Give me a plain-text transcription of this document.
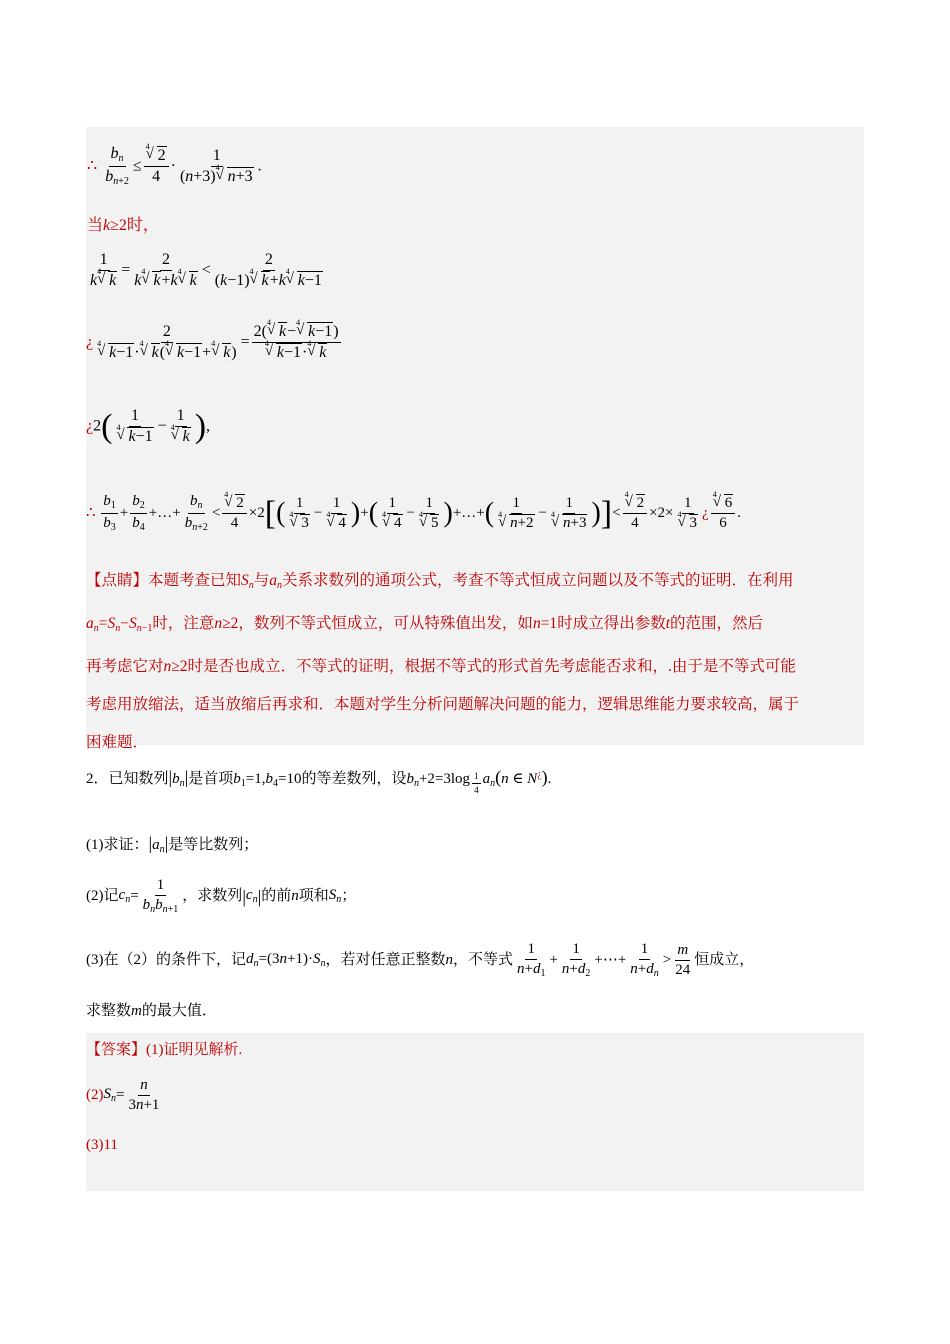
∴ $\frac{b_n}{b_{n+2}}$ ≤ √ 4
2
4 · 1
(n+3)
√ 4
n+3 .
当k≥2时，
1
k
√ 4
k = 2
k
√ 4
k+k
√ 4
k < 2
(k−1)
√ 4
k+k
√ 4
k−1
¿ 2
√ 4
k−1·
√ 4
k(
√ 4
k−1+
√ 4
k) = 2(
√ 4
k−
√ 4
k−1)
√ 4
k−1·
√ 4
k
¿2( 1
√ 4
k−1 − 1
√ 4
k ),
∴ $\frac{b_1}{b_3} + \frac{b_2}{b_4}$ +…+ $\frac{b_n}{b_{n+2}}$ < √ 4
2
4 ×2[( 1
√ 4
3 − 1
√ 4
4 )+( 1
√ 4
4 − 1
√ 4
5 )+…+( 1
√ 4
n+2 − 1
√ 4
n+3 )]< √ 4
2
4 ×2× 1
√ 4
3 ¿ √ 4
6
6 .
【点睛】本题考查已知$S_n$与$a_n$关系求数列的通项公式，考查不等式恒成立问题以及不等式的证明．在利用
$a_n=S_n-S_{n-1}$时，注意n≥2，数列不等式恒成立，可从特殊值出发，如n=1时成立得出参数t的范围，然后
再考虑它对n≥2时是否也成立．不等式的证明，根据不等式的形式首先考虑能否求和，.由于是不等式可能
考虑用放缩法，适当放缩后再求和．本题对学生分析问题解决问题的能力，逻辑思维能力要求较高，属于
困难题．
2．已知数列$|b_n|$是首项$b_1=1,b_4=10$的等差数列，设$b_n+2=3\log$ $_{\frac{1}{4}}$ $a_n(n$ ∈ N¿).
(1)求证：$|a_n|$是等比数列；
(2)记$c_n= \frac{1}{b_nb_{n+1}}$ ，求数列$|c_n|$的前n项和$S_n$；
(3)在（2）的条件下，记$d_n=(3n+1)\cdot S_n$，若对任意正整数n，不等式 $\frac{1}{n+d_1} + \frac{1}{n+d_2}$ +⋯+ $\frac{1}{n+d_n} > \frac{m}{24}$ 恒成立，
求整数m的最大值．
【答案】(1)证明见解析.
$(2)S_n= \frac{n}{3n+1}$
(3)11
